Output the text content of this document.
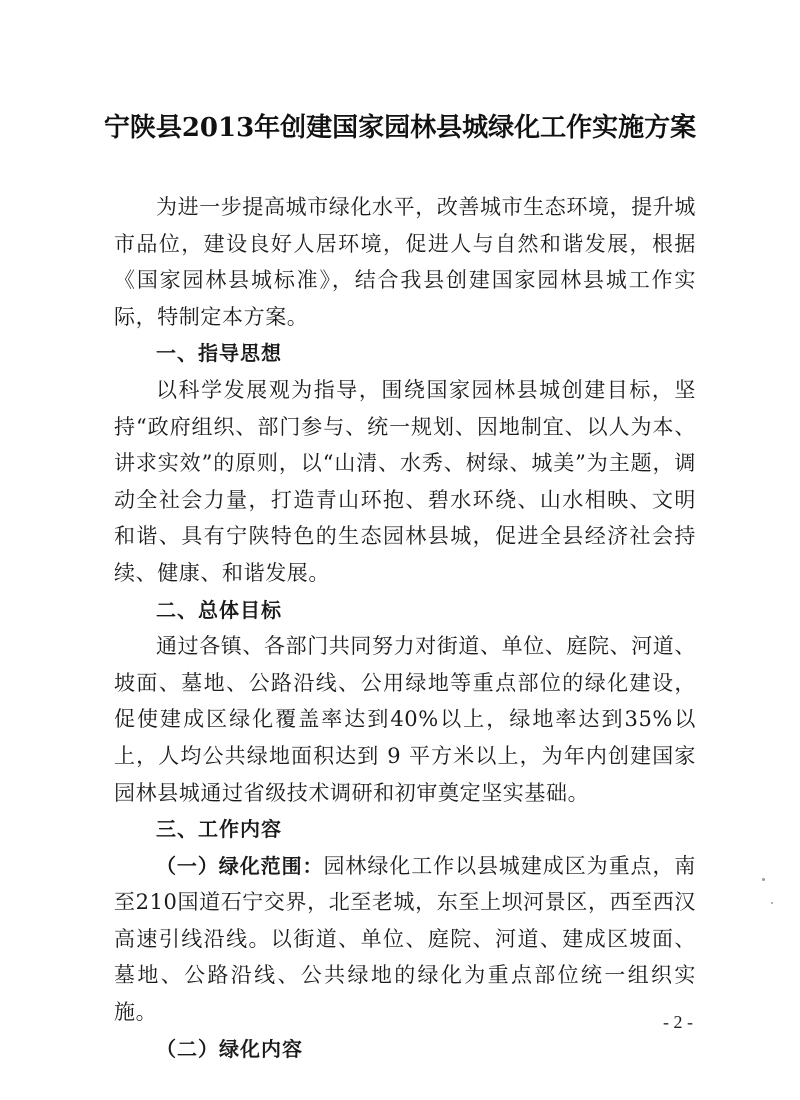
宁陕县2013年创建国家园林县城绿化工作实施方案

为进一步提高城市绿化水平，改善城市生态环境，提升城市品位，建设良好人居环境，促进人与自然和谐发展，根据《国家园林县城标准》，结合我县创建国家园林县城工作实际，特制定本方案。

一、指导思想

以科学发展观为指导，围绕国家园林县城创建目标，坚持“政府组织、部门参与、统一规划、因地制宜、以人为本、讲求实效”的原则，以“山清、水秀、树绿、城美”为主题，调动全社会力量，打造青山环抱、碧水环绕、山水相映、文明和谐、具有宁陕特色的生态园林县城，促进全县经济社会持续、健康、和谐发展。

二、总体目标

通过各镇、各部门共同努力对街道、单位、庭院、河道、坡面、墓地、公路沿线、公用绿地等重点部位的绿化建设，促使建成区绿化覆盖率达到40%以上，绿地率达到35%以上，人均公共绿地面积达到 9 平方米以上，为年内创建国家园林县城通过省级技术调研和初审奠定坚实基础。

三、工作内容

（一）绿化范围：园林绿化工作以县城建成区为重点，南至210国道石宁交界，北至老城，东至上坝河景区，西至西汉高速引线沿线。以街道、单位、庭院、河道、建成区坡面、墓地、公路沿线、公共绿地的绿化为重点部位统一组织实施。

（二）绿化内容

- 2 -
